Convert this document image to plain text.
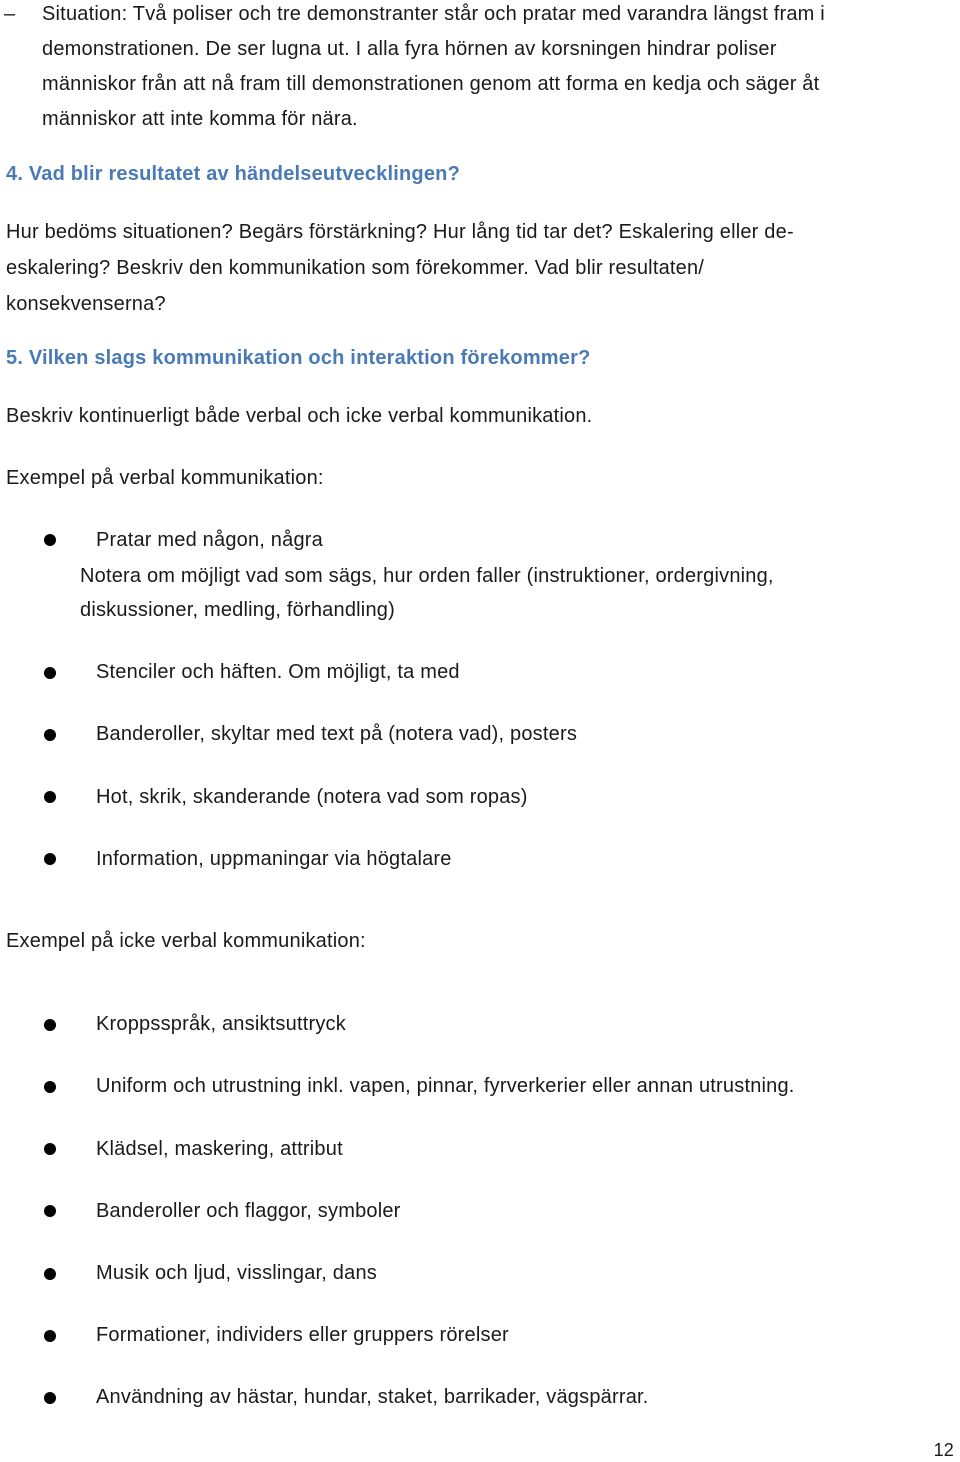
– Situation: Två poliser och tre demonstranter står och pratar med varandra längst fram i

demonstrationen. De ser lugna ut. I alla fyra hörnen av korsningen hindrar poliser

människor från att nå fram till demonstrationen genom att forma en kedja och säger åt

människor att inte komma för nära.

4. Vad blir resultatet av händelseutvecklingen?

Hur bedöms situationen? Begärs förstärkning? Hur lång tid tar det? Eskalering eller de-

eskalering? Beskriv den kommunikation som förekommer. Vad blir resultaten/

konsekvenserna?

5. Vilken slags kommunikation och interaktion förekommer?

Beskriv kontinuerligt både verbal och icke verbal kommunikation.

Exempel på verbal kommunikation:

Pratar med någon, några

Notera om möjligt vad som sägs, hur orden faller (instruktioner, ordergivning,

diskussioner, medling, förhandling)

Stenciler och häften. Om möjligt, ta med

Banderoller, skyltar med text på (notera vad), posters

Hot, skrik, skanderande (notera vad som ropas)

Information, uppmaningar via högtalare

Exempel på icke verbal kommunikation:

Kroppsspråk, ansiktsuttryck

Uniform och utrustning inkl. vapen, pinnar, fyrverkerier eller annan utrustning.

Klädsel, maskering, attribut

Banderoller och flaggor, symboler

Musik och ljud, visslingar, dans

Formationer, individers eller gruppers rörelser

Användning av hästar, hundar, staket, barrikader, vägspärrar.

12
